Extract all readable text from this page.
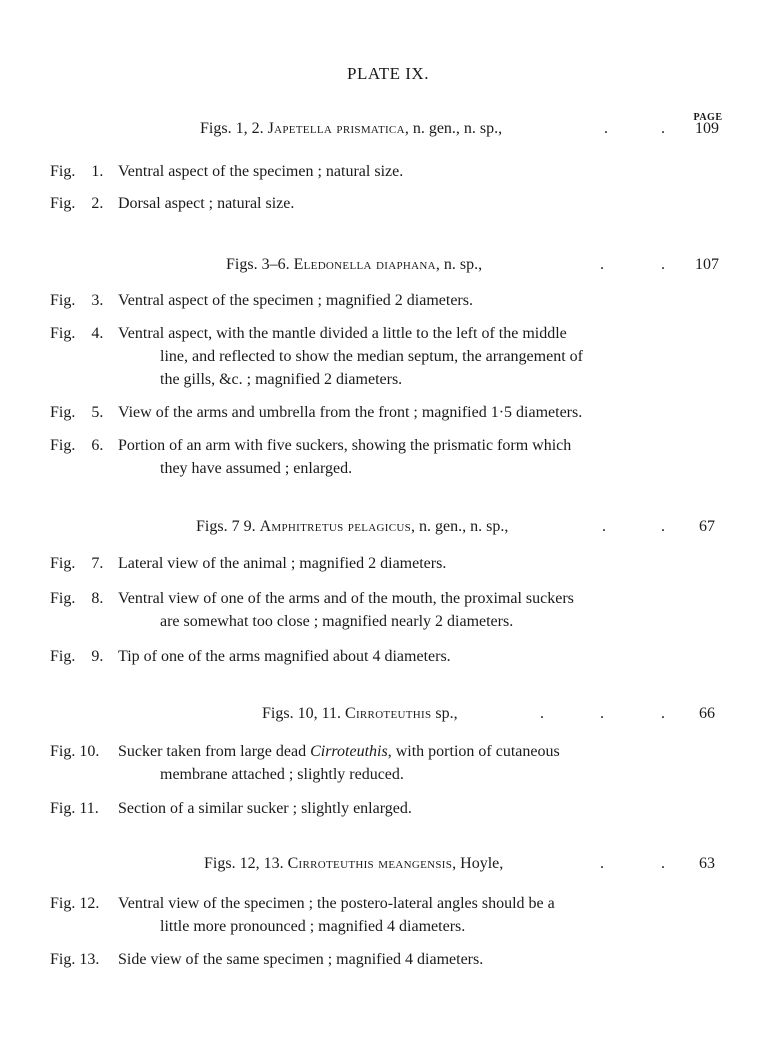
PLATE IX.
PAGE
Figs. 1, 2. Japetella prismatica, n. gen., n. sp.,	.	.	109
Fig. 1. Ventral aspect of the specimen ; natural size.
Fig. 2. Dorsal aspect ; natural size.
Figs. 3–6. Eledonella diaphana, n. sp.,	.	.	107
Fig. 3. Ventral aspect of the specimen ; magnified 2 diameters.
Fig. 4. Ventral aspect, with the mantle divided a little to the left of the middle
line, and reflected to show the median septum, the arrangement of
the gills, &c. ; magnified 2 diameters.
Fig. 5. View of the arms and umbrella from the front ; magnified 1·5 diameters.
Fig. 6. Portion of an arm with five suckers, showing the prismatic form which
they have assumed ; enlarged.
Figs. 7 9. Amphitretus pelagicus, n. gen., n. sp.,	.	.	67
Fig. 7. Lateral view of the animal ; magnified 2 diameters.
Fig. 8. Ventral view of one of the arms and of the mouth, the proximal suckers
are somewhat too close ; magnified nearly 2 diameters.
Fig. 9. Tip of one of the arms magnified about 4 diameters.
Figs. 10, 11. Cirroteuthis sp.,	.	.	.	66
Fig. 10. Sucker taken from large dead Cirroteuthis, with portion of cutaneous
membrane attached ; slightly reduced.
Fig. 11. Section of a similar sucker ; slightly enlarged.
Figs. 12, 13. Cirroteuthis meangensis, Hoyle,	.	.	63
Fig. 12. Ventral view of the specimen ; the postero-lateral angles should be a
little more pronounced ; magnified 4 diameters.
Fig. 13. Side view of the same specimen ; magnified 4 diameters.
